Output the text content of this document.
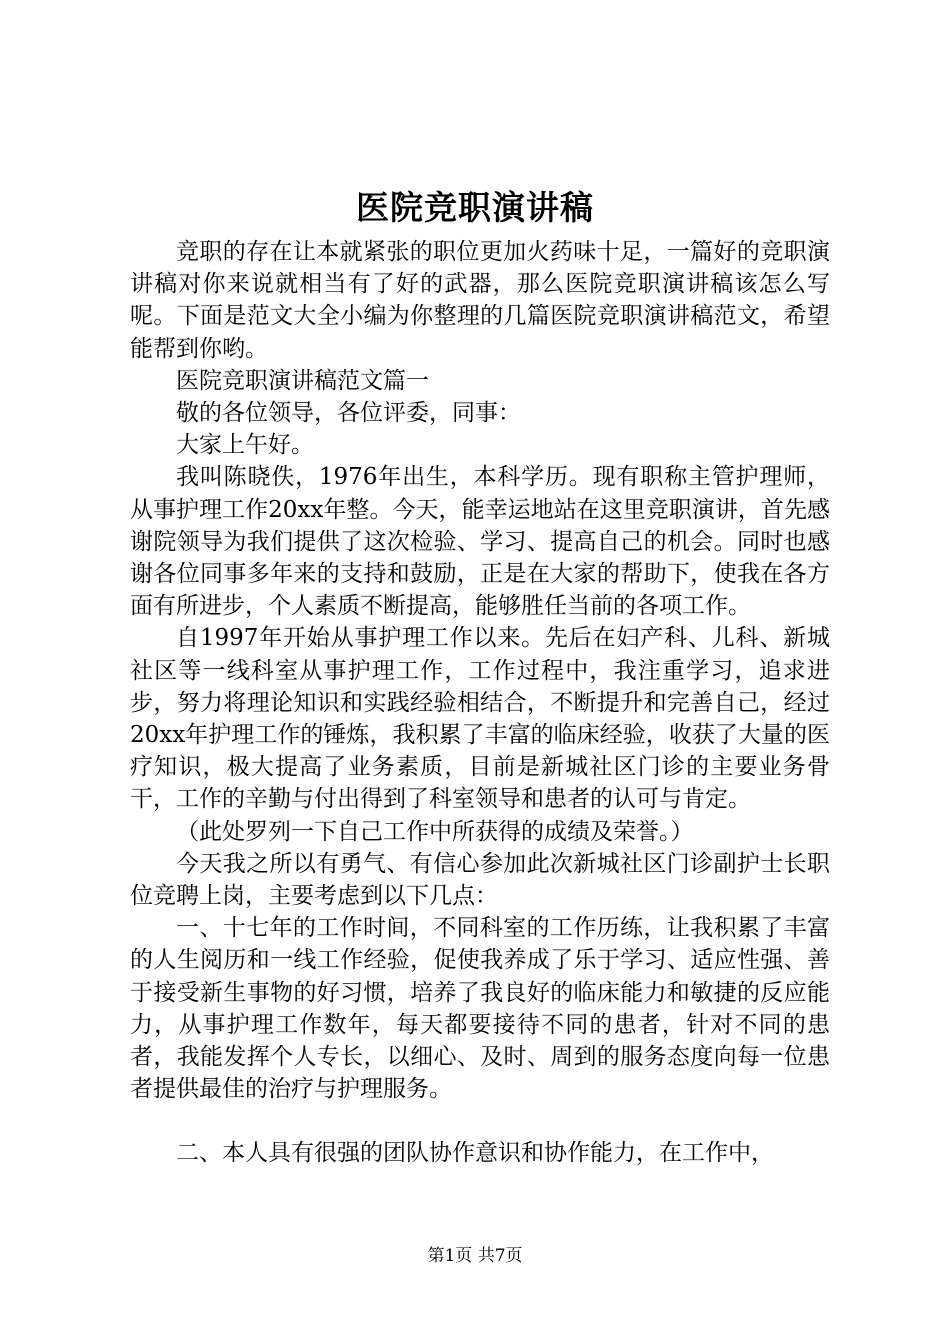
医院竞职演讲稿

竞职的存在让本就紧张的职位更加火药味十足，一篇好的竞职演讲稿对你来说就相当有了好的武器，那么医院竞职演讲稿该怎么写呢。下面是范文大全小编为你整理的几篇医院竞职演讲稿范文，希望能帮到你哟。

医院竞职演讲稿范文篇一

敬的各位领导，各位评委，同事：

大家上午好。

我叫陈晓佚，1976年出生，本科学历。现有职称主管护理师，从事护理工作20xx年整。今天，能幸运地站在这里竞职演讲，首先感谢院领导为我们提供了这次检验、学习、提高自己的机会。同时也感谢各位同事多年来的支持和鼓励，正是在大家的帮助下，使我在各方面有所进步，个人素质不断提高，能够胜任当前的各项工作。

自1997年开始从事护理工作以来。先后在妇产科、儿科、新城社区等一线科室从事护理工作，工作过程中，我注重学习，追求进步，努力将理论知识和实践经验相结合，不断提升和完善自己，经过20xx年护理工作的锤炼，我积累了丰富的临床经验，收获了大量的医疗知识，极大提高了业务素质，目前是新城社区门诊的主要业务骨干，工作的辛勤与付出得到了科室领导和患者的认可与肯定。

（此处罗列一下自己工作中所获得的成绩及荣誉。）

今天我之所以有勇气、有信心参加此次新城社区门诊副护士长职位竞聘上岗，主要考虑到以下几点：

一、十七年的工作时间，不同科室的工作历练，让我积累了丰富的人生阅历和一线工作经验，促使我养成了乐于学习、适应性强、善于接受新生事物的好习惯，培养了我良好的临床能力和敏捷的反应能力，从事护理工作数年，每天都要接待不同的患者，针对不同的患者，我能发挥个人专长，以细心、及时、周到的服务态度向每一位患者提供最佳的治疗与护理服务。

二、本人具有很强的团队协作意识和协作能力，在工作中，

第1页 共7页
